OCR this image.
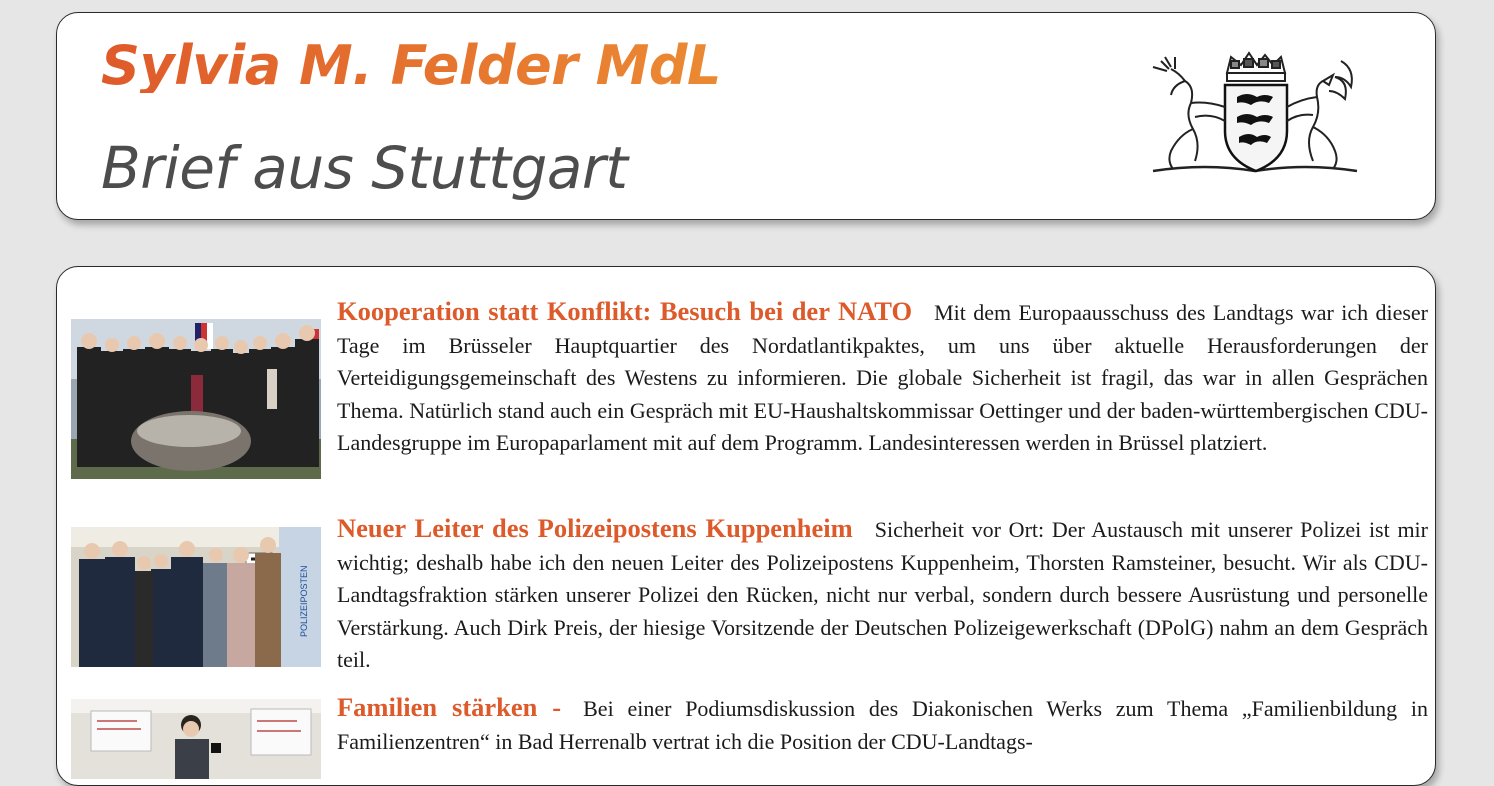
Sylvia M. Felder MdL
Brief aus Stuttgart
Kooperation statt Konflikt: Besuch bei der NATO Mit dem Europaausschuss des Landtags war ich dieser Tage im Brüsseler Hauptquartier des Nordatlantikpaktes, um uns über aktuelle Herausforderungen der Verteidigungsgemeinschaft des Westens zu informieren. Die globale Sicherheit ist fragil, das war in allen Gesprächen Thema. Natürlich stand auch ein Gespräch mit EU-Haushaltskommissar Oettinger und der baden-württembergischen CDU-Landesgruppe im Europaparlament mit auf dem Programm. Landesinteressen werden in Brüssel platziert.
POLIZEIPOSTEN
Neuer Leiter des Polizeipostens Kuppenheim Sicherheit vor Ort: Der Austausch mit unserer Polizei ist mir wichtig; deshalb habe ich den neuen Leiter des Polizeipostens Kuppenheim, Thorsten Ramsteiner, besucht. Wir als CDU-Landtagsfraktion stärken unserer Polizei den Rücken, nicht nur verbal, sondern durch bessere Ausrüstung und personelle Verstärkung. Auch Dirk Preis, der hiesige Vorsitzende der Deutschen Polizeigewerkschaft (DPolG) nahm an dem Gespräch teil.
Familien stärken - Bei einer Podiumsdiskussion des Diakonischen Werks zum Thema „Familienbildung in Familienzentren“ in Bad Herrenalb vertrat ich die Position der CDU-Landtags-
